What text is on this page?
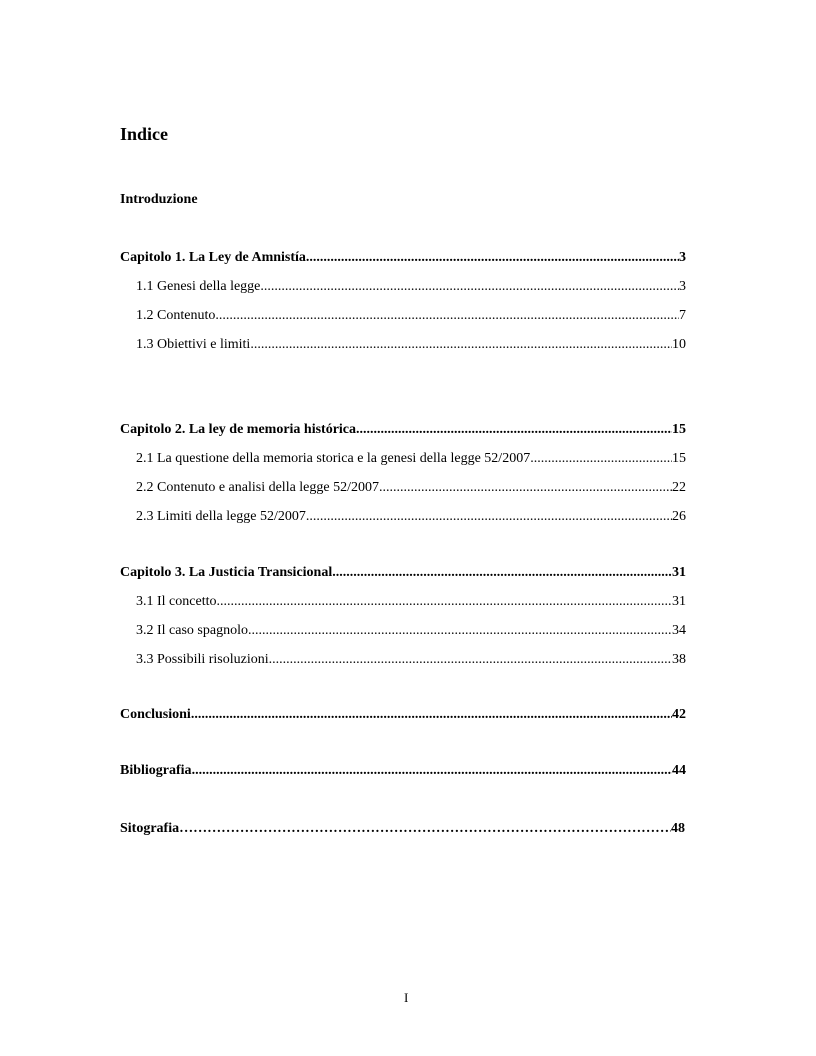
Indice
Introduzione
Capitolo 1. La Ley de Amnistía .....	3
1.1 Genesi della legge .....	3
1.2 Contenuto .....	7
1.3 Obiettivi e limiti .....	10
Capitolo 2. La ley de memoria histórica .....	15
2.1 La questione della memoria storica e la genesi della legge 52/2007 .....	15
2.2 Contenuto e analisi della legge 52/2007 .....	22
2.3 Limiti della legge 52/2007 .....	26
Capitolo 3. La Justicia Transicional .....	31
3.1 Il concetto .....	31
3.2 Il caso spagnolo .....	34
3.3 Possibili risoluzioni .....	38
Conclusioni .....	42
Bibliografia .....	44
Sitografia ………………………………………………………………………………………………………………………………………………………………………	48
I
